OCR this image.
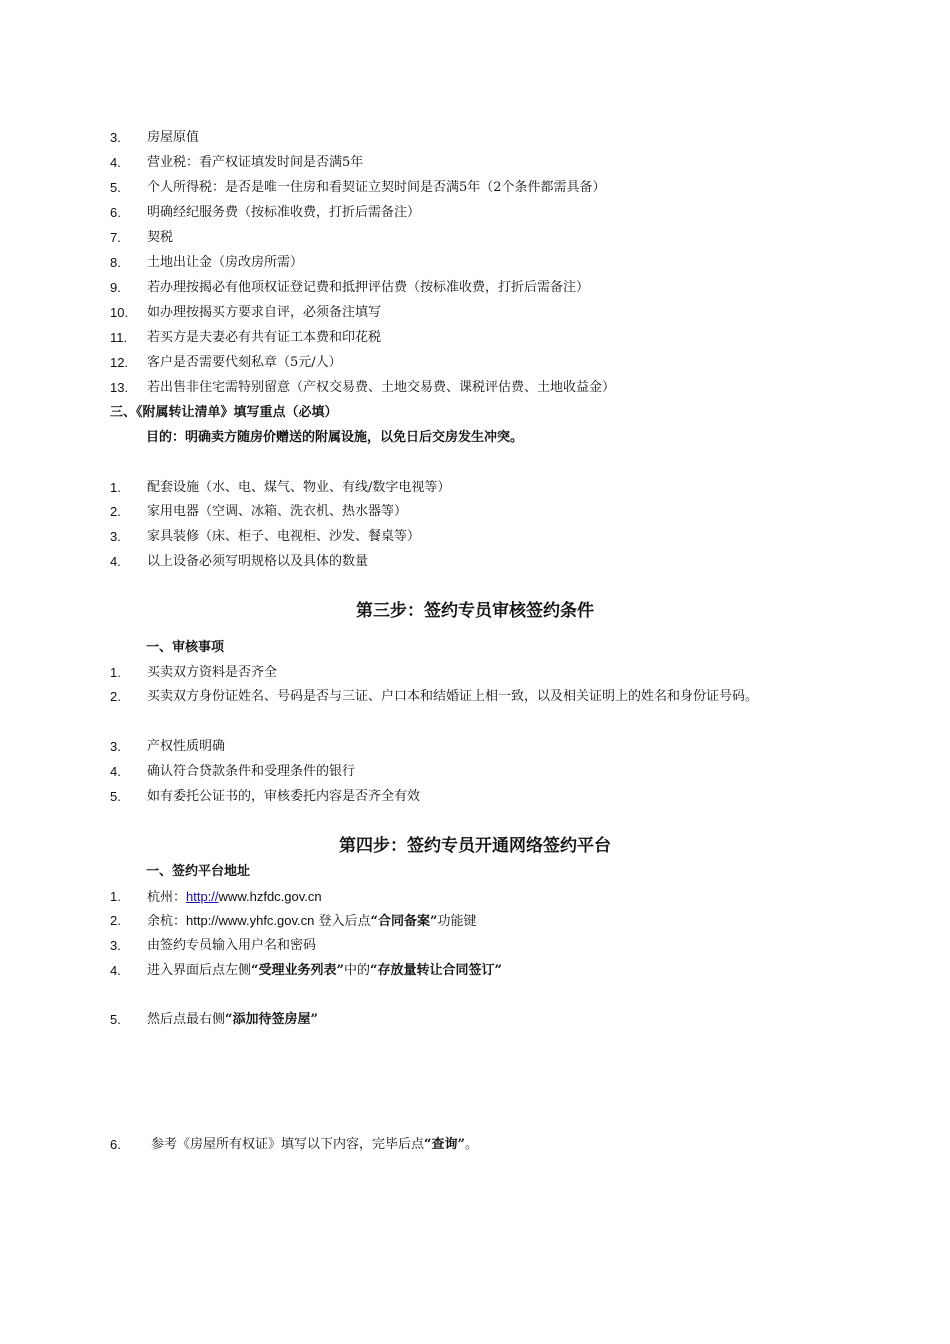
3. 房屋原值
4. 营业税：看产权证填发时间是否满5年
5. 个人所得税：是否是唯一住房和看契证立契时间是否满5年（2个条件都需具备）
6. 明确经纪服务费（按标准收费，打折后需备注）
7. 契税
8. 土地出让金（房改房所需）
9. 若办理按揭必有他项权证登记费和抵押评估费（按标准收费，打折后需备注）
10. 如办理按揭买方要求自评，必须备注填写
11. 若买方是夫妻必有共有证工本费和印花税
12. 客户是否需要代刻私章（5元/人）
13. 若出售非住宅需特别留意（产权交易费、土地交易费、课税评估费、土地收益金）
三、《附属转让清单》填写重点（必填）
目的：明确卖方随房价赠送的附属设施，以免日后交房发生冲突。
1. 配套设施（水、电、煤气、物业、有线/数字电视等）
2. 家用电器（空调、冰箱、洗衣机、热水器等）
3. 家具装修（床、柜子、电视柜、沙发、餐桌等）
4. 以上设备必须写明规格以及具体的数量
第三步：签约专员审核签约条件
一、审核事项
1. 买卖双方资料是否齐全
2. 买卖双方身份证姓名、号码是否与三证、户口本和结婚证上相一致，以及相关证明上的姓名和身份证号码。
3. 产权性质明确
4. 确认符合贷款条件和受理条件的银行
5. 如有委托公证书的，审核委托内容是否齐全有效
第四步：签约专员开通网络签约平台
一、签约平台地址
1. 杭州：http://www.hzfdc.gov.cn
2. 余杭：http://www.yhfc.gov.cn 登入后点“合同备案”功能键
3. 由签约专员输入用户名和密码
4. 进入界面后点左侧“受理业务列表”中的“存放量转让合同签订”
5. 然后点最右侧“添加待签房屋”
6. 参考《房屋所有权证》填写以下内容，完毕后点“查询”。
